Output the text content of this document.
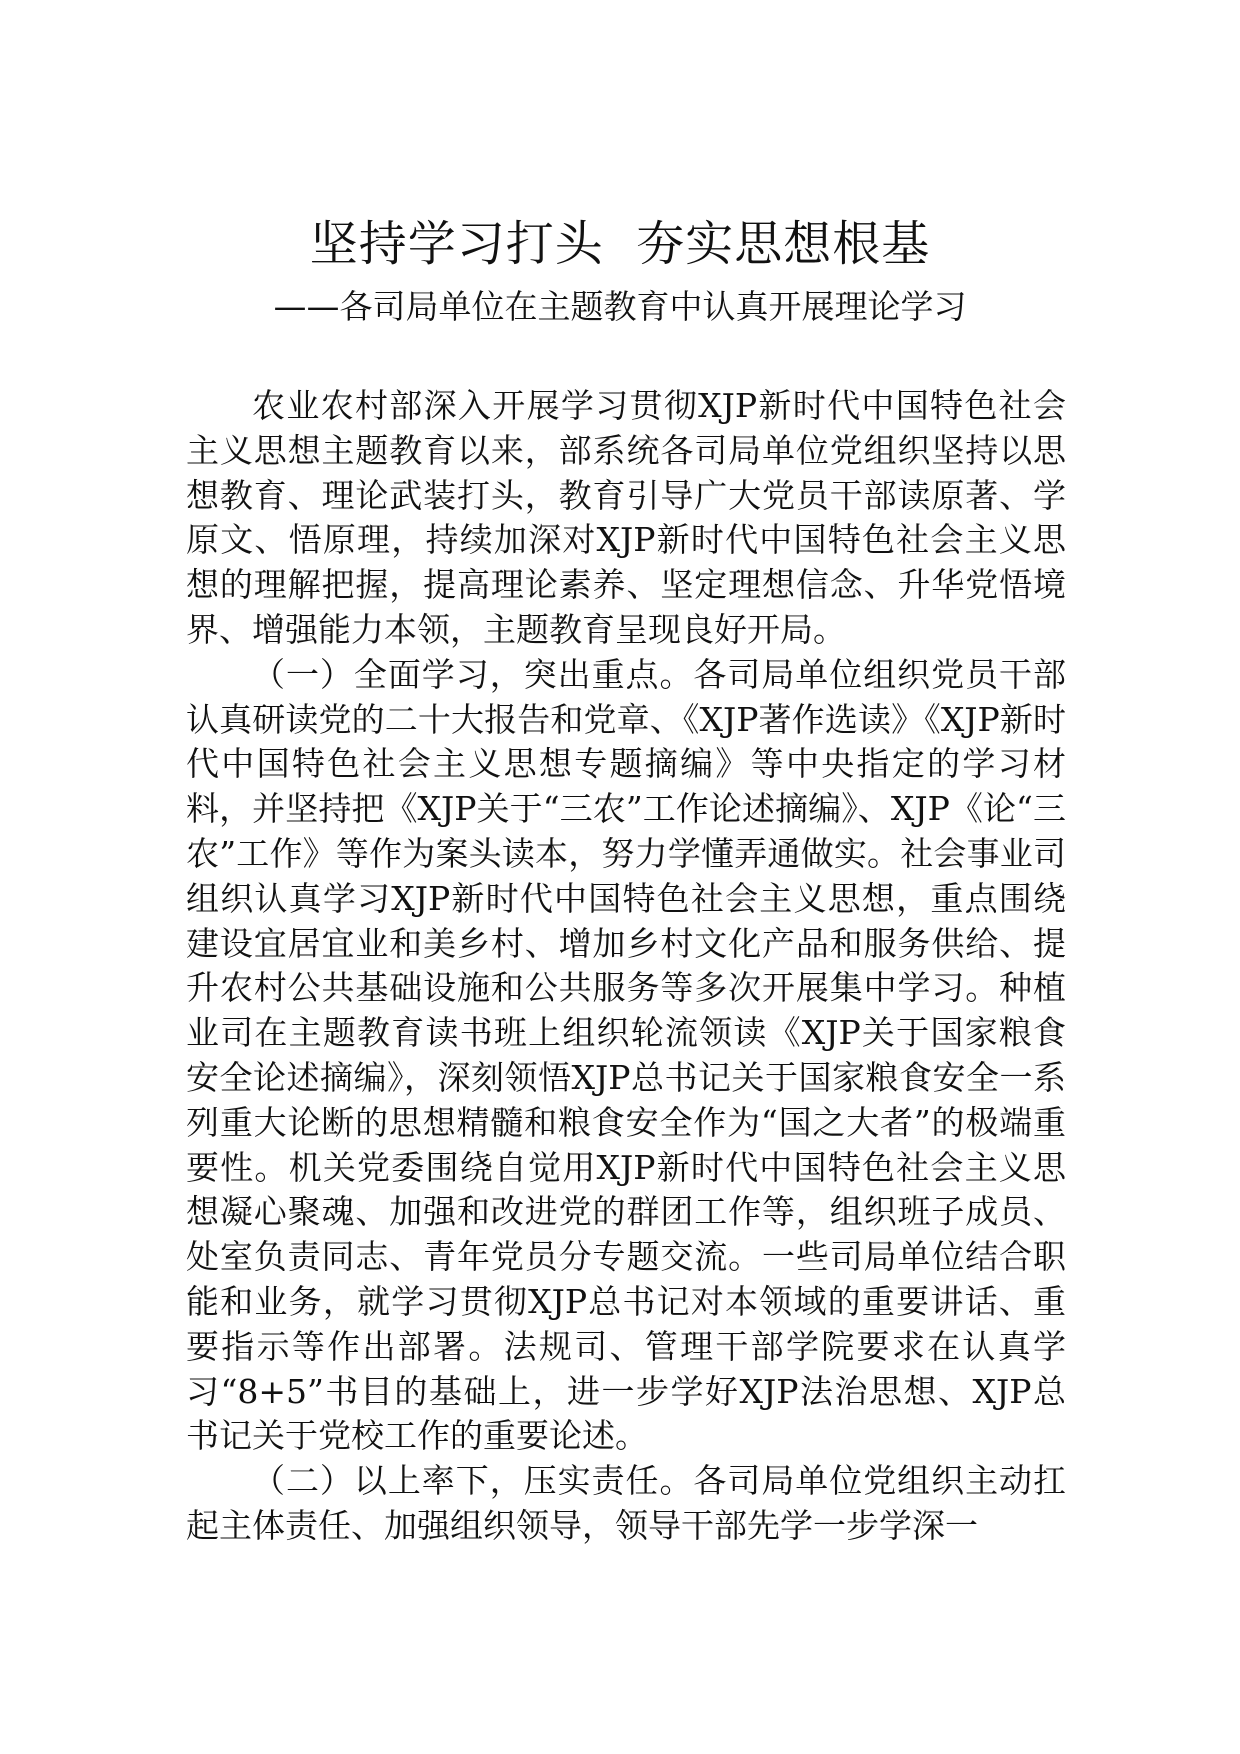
坚持学习打头  夯实思想根基
——各司局单位在主题教育中认真开展理论学习

农业农村部深入开展学习贯彻XJP新时代中国特色社会主义思想主题教育以来，部系统各司局单位党组织坚持以思想教育、理论武装打头，教育引导广大党员干部读原著、学原文、悟原理，持续加深对XJP新时代中国特色社会主义思想的理解把握，提高理论素养、坚定理想信念、升华党悟境界、增强能力本领，主题教育呈现良好开局。

（一）全面学习，突出重点。各司局单位组织党员干部认真研读党的二十大报告和党章、《XJP著作选读》《XJP新时代中国特色社会主义思想专题摘编》等中央指定的学习材料，并坚持把《XJP关于“三农”工作论述摘编》、XJP《论“三农”工作》等作为案头读本，努力学懂弄通做实。社会事业司组织认真学习XJP新时代中国特色社会主义思想，重点围绕建设宜居宜业和美乡村、增加乡村文化产品和服务供给、提升农村公共基础设施和公共服务等多次开展集中学习。种植业司在主题教育读书班上组织轮流领读《XJP关于国家粮食安全论述摘编》，深刻领悟XJP总书记关于国家粮食安全一系列重大论断的思想精髓和粮食安全作为“国之大者”的极端重要性。机关党委围绕自觉用XJP新时代中国特色社会主义思想凝心聚魂、加强和改进党的群团工作等，组织班子成员、处室负责同志、青年党员分专题交流。一些司局单位结合职能和业务，就学习贯彻XJP总书记对本领域的重要讲话、重要指示等作出部署。法规司、管理干部学院要求在认真学习“8+5”书目的基础上，进一步学好XJP法治思想、XJP总书记关于党校工作的重要论述。

（二）以上率下，压实责任。各司局单位党组织主动扛起主体责任、加强组织领导，领导干部先学一步学深一
